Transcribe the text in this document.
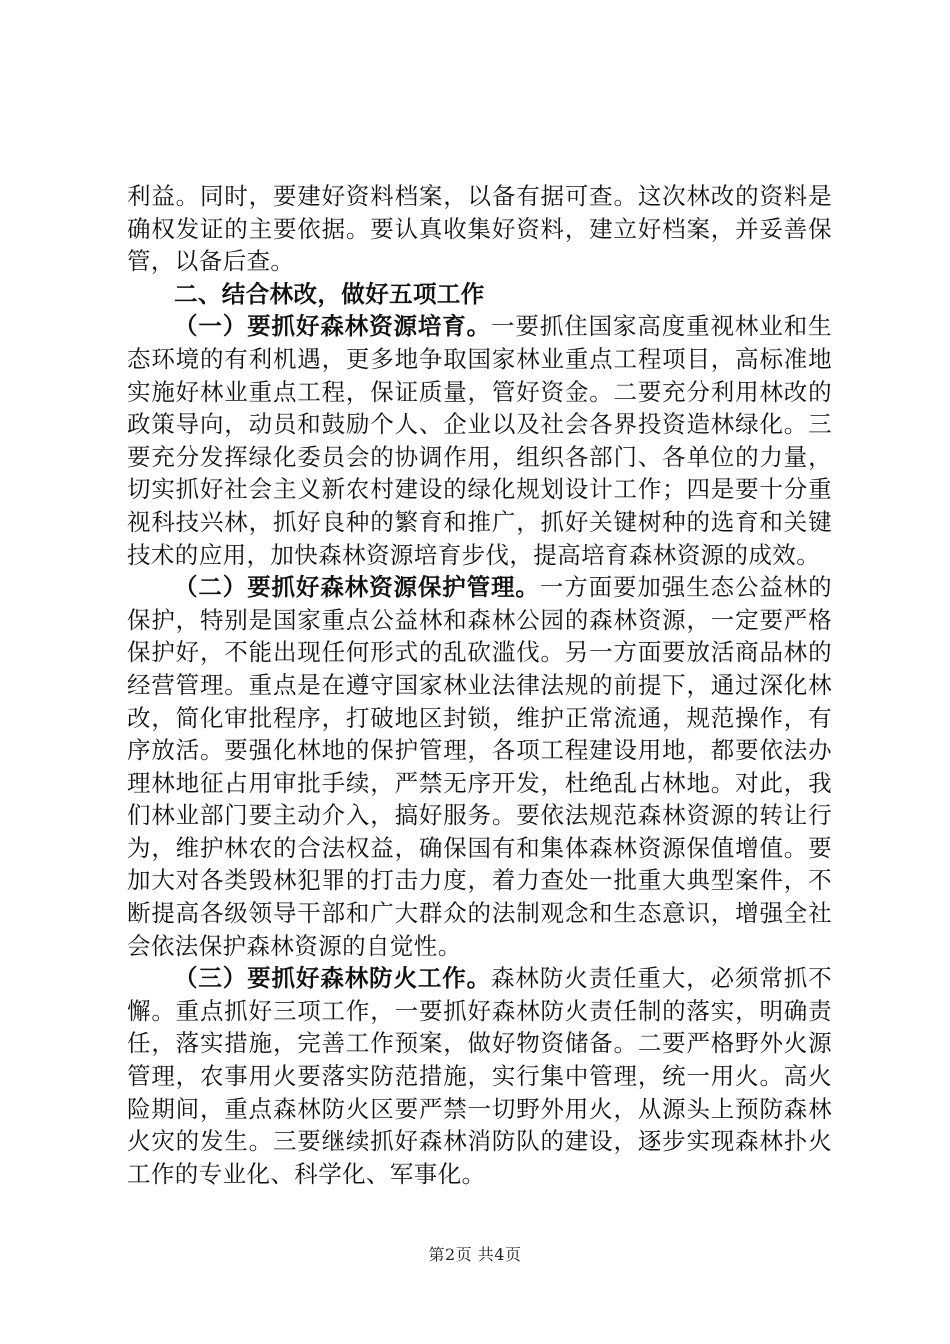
利益。同时，要建好资料档案，以备有据可查。这次林改的资料是确权发证的主要依据。要认真收集好资料，建立好档案，并妥善保管，以备后查。

二、结合林改，做好五项工作

（一）要抓好森林资源培育。一要抓住国家高度重视林业和生态环境的有利机遇，更多地争取国家林业重点工程项目，高标准地实施好林业重点工程，保证质量，管好资金。二要充分利用林改的政策导向，动员和鼓励个人、企业以及社会各界投资造林绿化。三要充分发挥绿化委员会的协调作用，组织各部门、各单位的力量，切实抓好社会主义新农村建设的绿化规划设计工作；四是要十分重视科技兴林，抓好良种的繁育和推广，抓好关键树种的选育和关键技术的应用，加快森林资源培育步伐，提高培育森林资源的成效。

（二）要抓好森林资源保护管理。一方面要加强生态公益林的保护，特别是国家重点公益林和森林公园的森林资源，一定要严格保护好，不能出现任何形式的乱砍滥伐。另一方面要放活商品林的经营管理。重点是在遵守国家林业法律法规的前提下，通过深化林改，简化审批程序，打破地区封锁，维护正常流通，规范操作，有序放活。要强化林地的保护管理，各项工程建设用地，都要依法办理林地征占用审批手续，严禁无序开发，杜绝乱占林地。对此，我们林业部门要主动介入，搞好服务。要依法规范森林资源的转让行为，维护林农的合法权益，确保国有和集体森林资源保值增值。要加大对各类毁林犯罪的打击力度，着力查处一批重大典型案件，不断提高各级领导干部和广大群众的法制观念和生态意识，增强全社会依法保护森林资源的自觉性。

（三）要抓好森林防火工作。森林防火责任重大，必须常抓不懈。重点抓好三项工作，一要抓好森林防火责任制的落实，明确责任，落实措施，完善工作预案，做好物资储备。二要严格野外火源管理，农事用火要落实防范措施，实行集中管理，统一用火。高火险期间，重点森林防火区要严禁一切野外用火，从源头上预防森林火灾的发生。三要继续抓好森林消防队的建设，逐步实现森林扑火工作的专业化、科学化、军事化。

第2页 共4页
